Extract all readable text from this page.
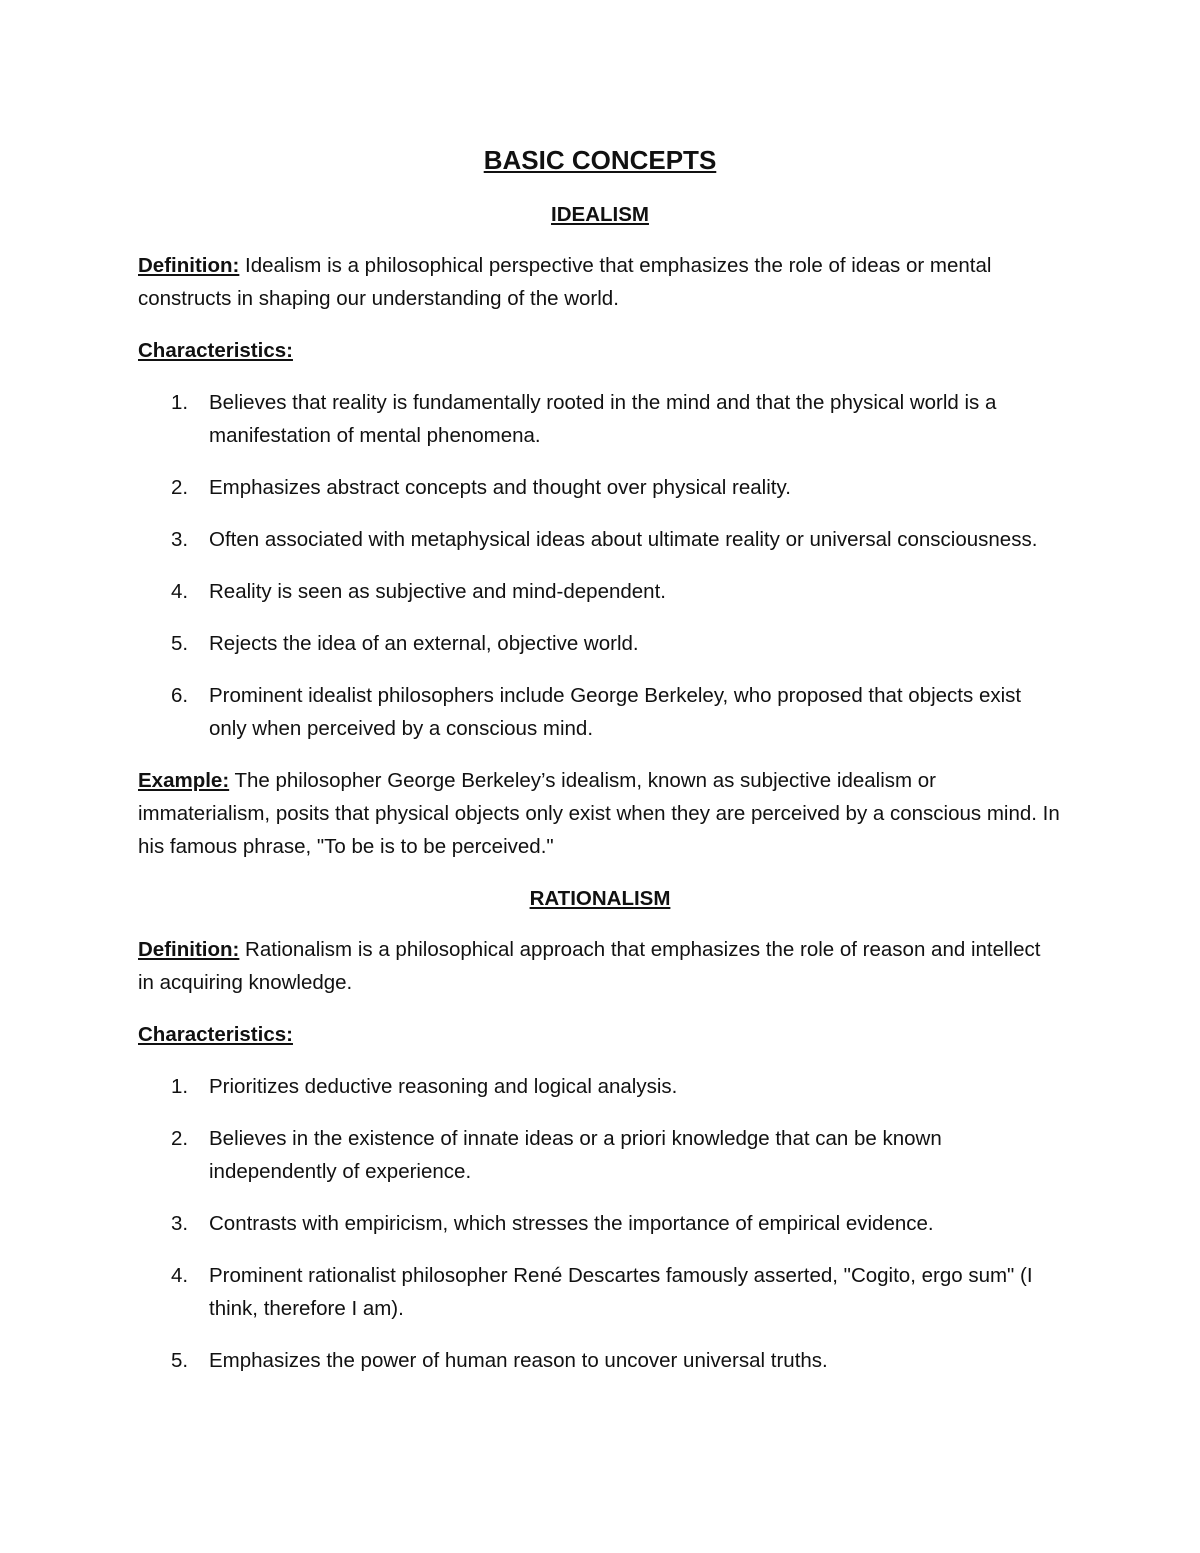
BASIC CONCEPTS
IDEALISM

Definition: Idealism is a philosophical perspective that emphasizes the role of ideas or mental constructs in shaping our understanding of the world.

Characteristics:

1. Believes that reality is fundamentally rooted in the mind and that the physical world is a manifestation of mental phenomena.
2. Emphasizes abstract concepts and thought over physical reality.
3. Often associated with metaphysical ideas about ultimate reality or universal consciousness.
4. Reality is seen as subjective and mind-dependent.
5. Rejects the idea of an external, objective world.
6. Prominent idealist philosophers include George Berkeley, who proposed that objects exist only when perceived by a conscious mind.

Example: The philosopher George Berkeley’s idealism, known as subjective idealism or immaterialism, posits that physical objects only exist when they are perceived by a conscious mind. In his famous phrase, "To be is to be perceived."

RATIONALISM

Definition: Rationalism is a philosophical approach that emphasizes the role of reason and intellect in acquiring knowledge.

Characteristics:

1. Prioritizes deductive reasoning and logical analysis.
2. Believes in the existence of innate ideas or a priori knowledge that can be known independently of experience.
3. Contrasts with empiricism, which stresses the importance of empirical evidence.
4. Prominent rationalist philosopher René Descartes famously asserted, "Cogito, ergo sum" (I think, therefore I am).
5. Emphasizes the power of human reason to uncover universal truths.
